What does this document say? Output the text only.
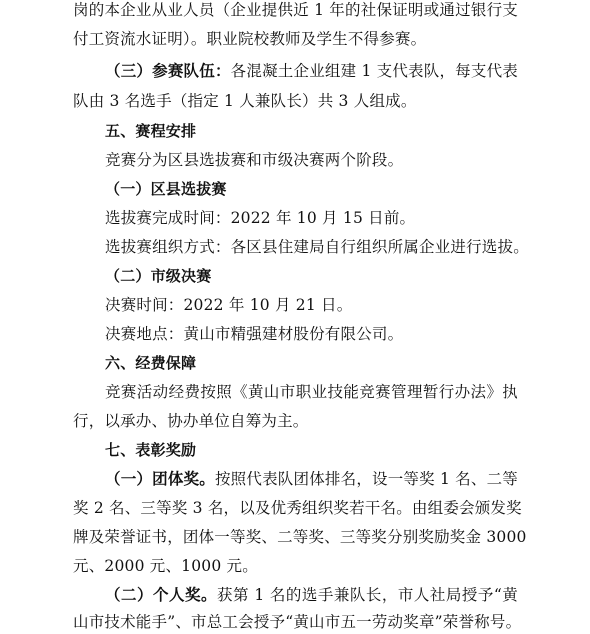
岗的本企业从业人员（企业提供近 1 年的社保证明或通过银行支
付工资流水证明）。职业院校教师及学生不得参赛。
（三）参赛队伍：各混凝土企业组建 1 支代表队，每支代表
队由 3 名选手（指定 1 人兼队长）共 3 人组成。
五、赛程安排
竞赛分为区县选拔赛和市级决赛两个阶段。
（一）区县选拔赛
选拔赛完成时间：2022 年 10 月 15 日前。
选拔赛组织方式：各区县住建局自行组织所属企业进行选拔。
（二）市级决赛
决赛时间：2022 年 10 月 21 日。
决赛地点：黄山市精强建材股份有限公司。
六、经费保障
竞赛活动经费按照《黄山市职业技能竞赛管理暂行办法》执
行，以承办、协办单位自筹为主。
七、表彰奖励
（一）团体奖。按照代表队团体排名，设一等奖 1 名、二等
奖 2 名、三等奖 3 名，以及优秀组织奖若干名。由组委会颁发奖
牌及荣誉证书，团体一等奖、二等奖、三等奖分别奖励奖金 3000
元、2000 元、1000 元。
（二）个人奖。获第 1 名的选手兼队长，市人社局授予“黄
山市技术能手”、市总工会授予“黄山市五一劳动奖章”荣誉称号。
